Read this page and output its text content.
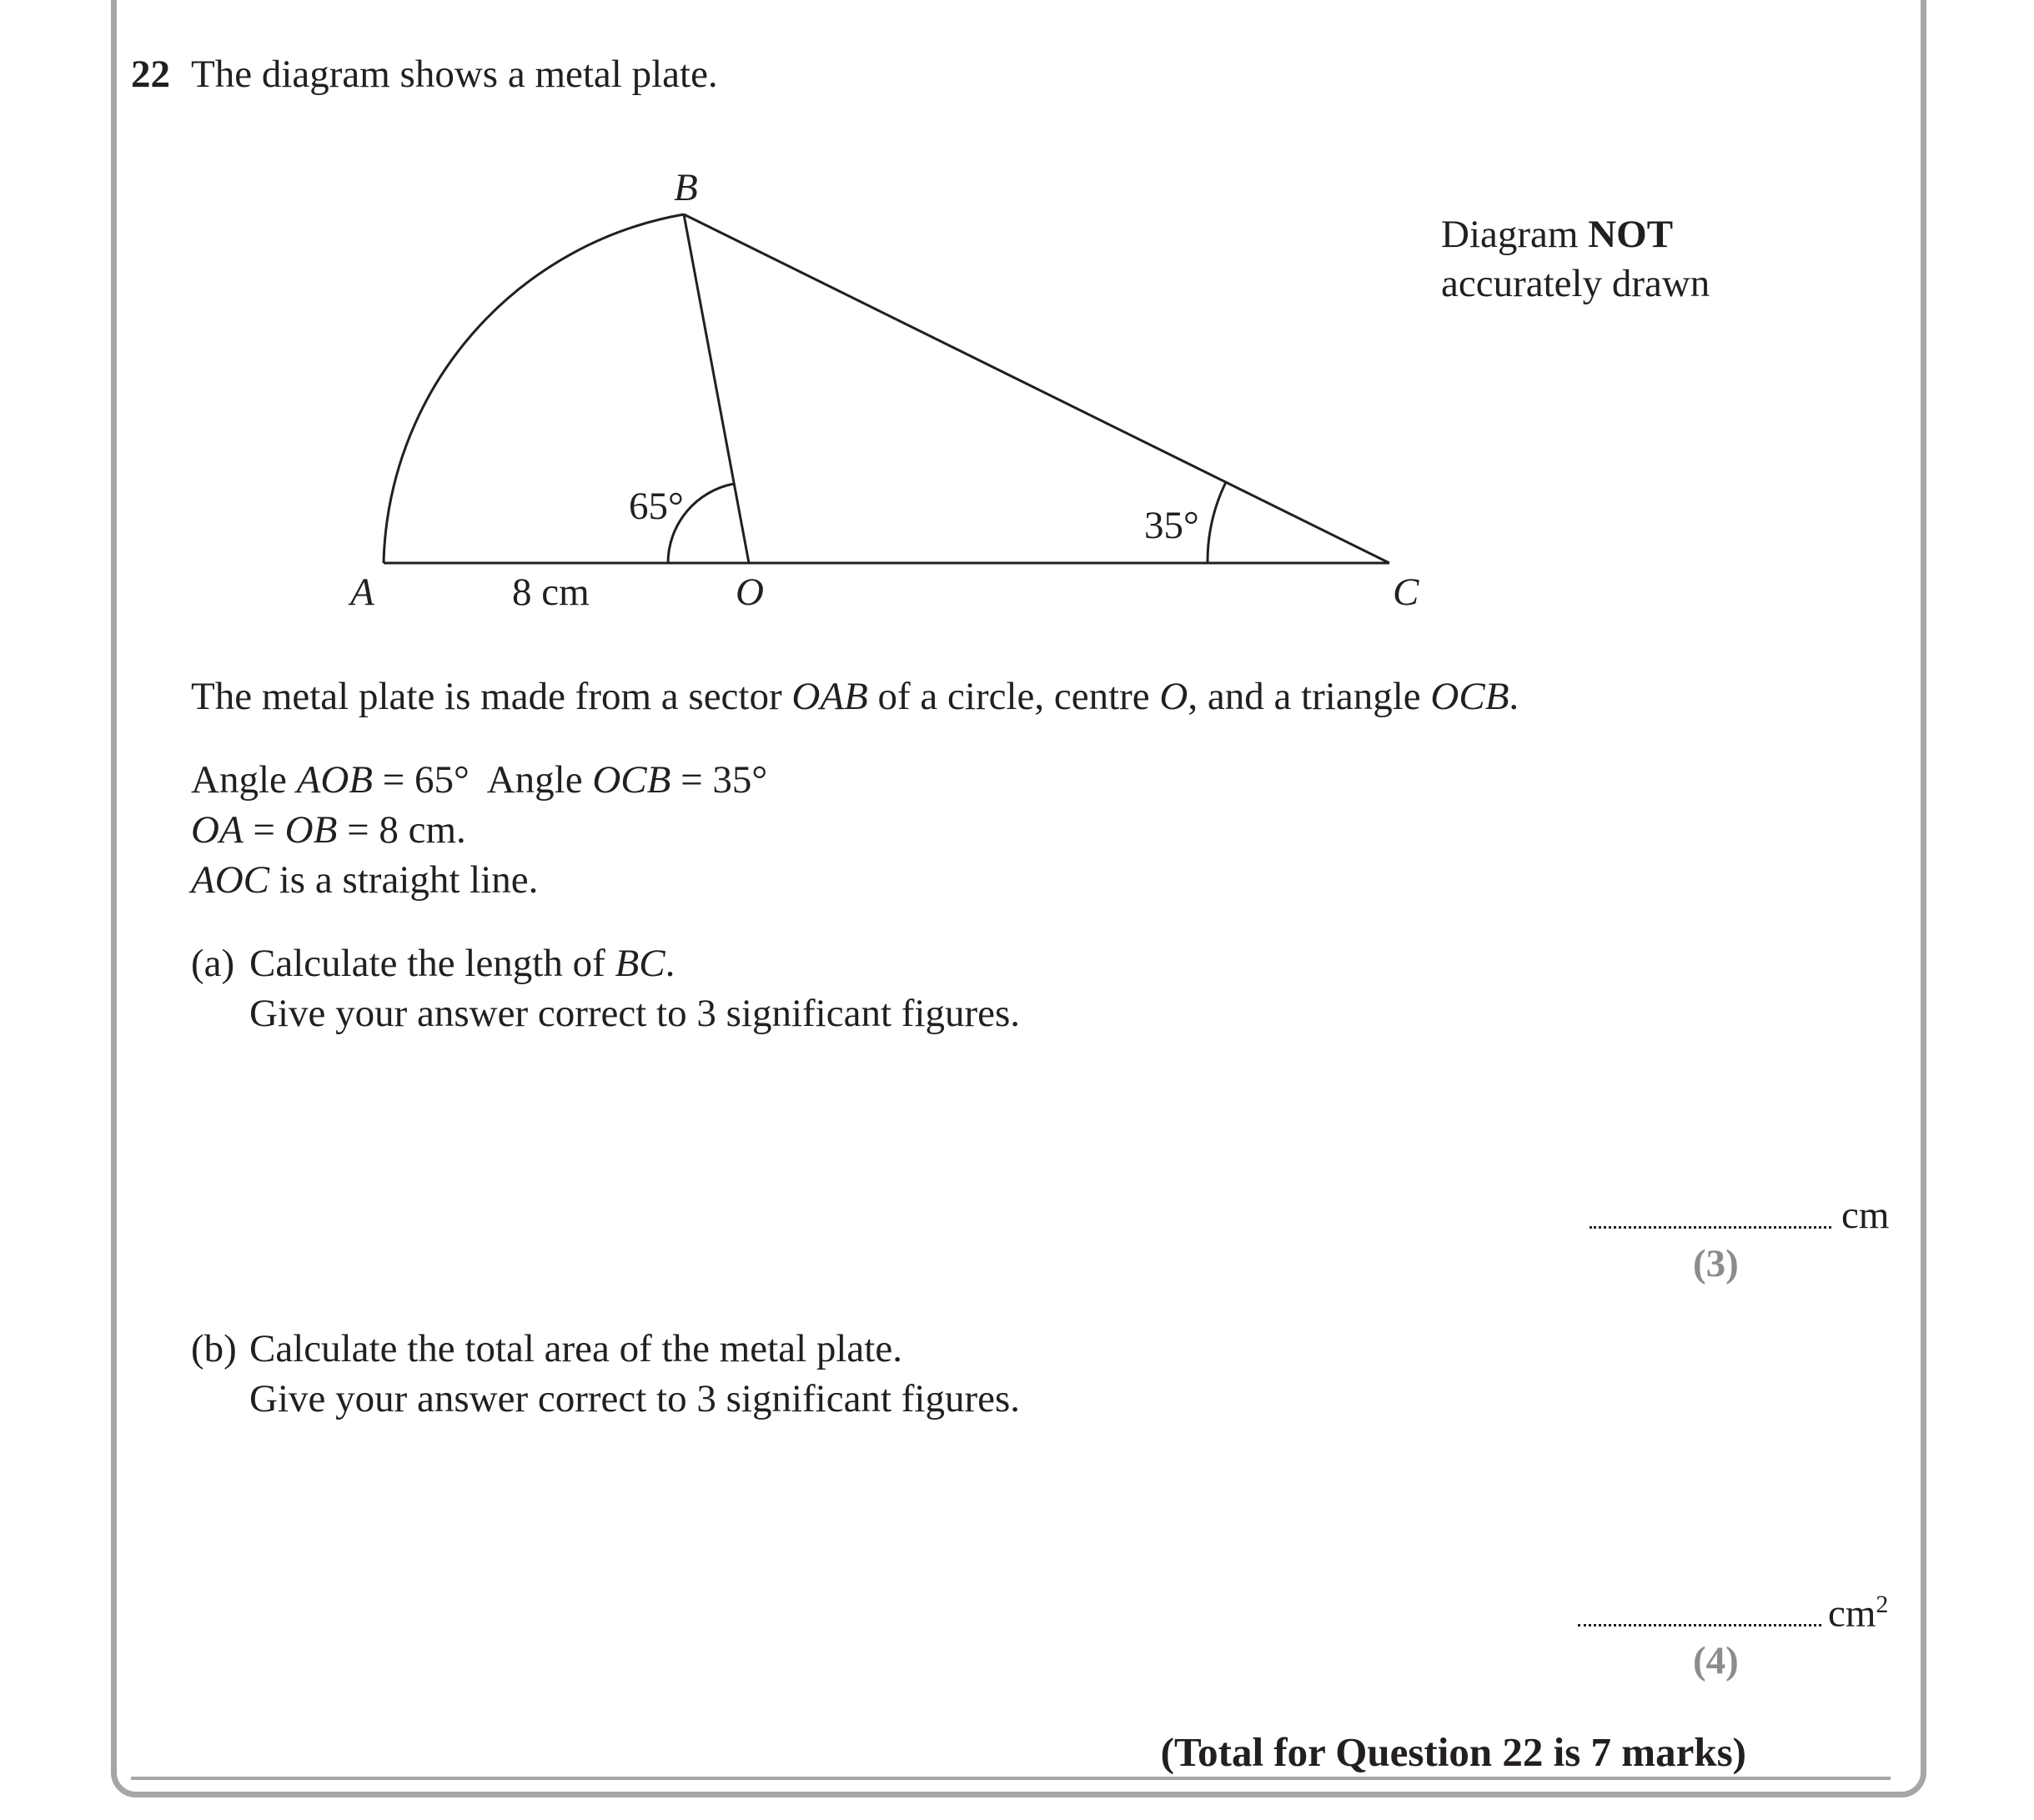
22 The diagram shows a metal plate.
B
A	O	C
8 cm
65°	35°
Diagram NOT
accurately drawn
The metal plate is made from a sector OAB of a circle, centre O, and a triangle OCB.
Angle AOB = 65°  Angle OCB = 35°
OA = OB = 8 cm.
AOC is a straight line.
(a) Calculate the length of BC.
Give your answer correct to 3 significant figures.
cm
(3)
(b) Calculate the total area of the metal plate.
Give your answer correct to 3 significant figures.
$cm^2$
(4)
(Total for Question 22 is 7 marks)
